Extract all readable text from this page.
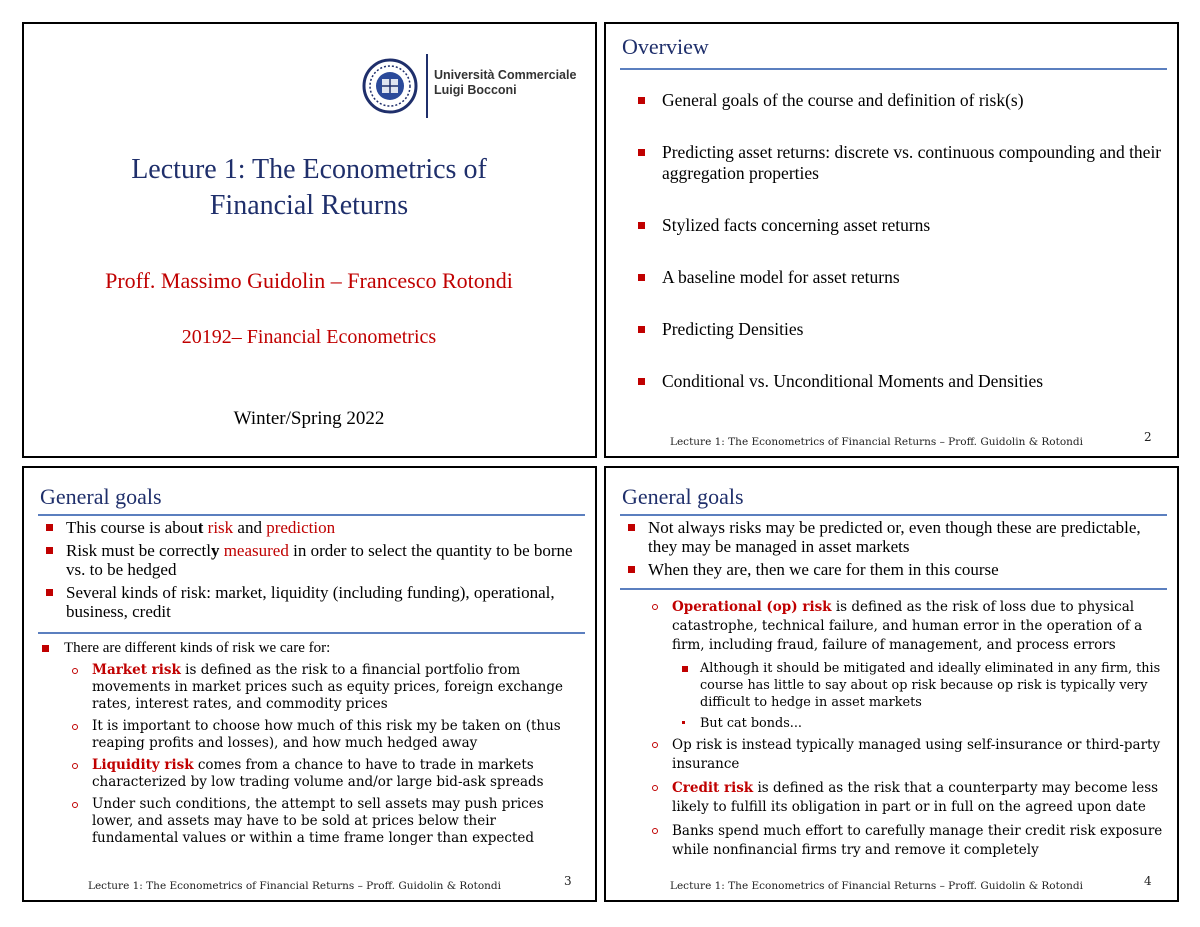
Università Commerciale
Luigi Bocconi
Lecture 1: The Econometrics of
Financial Returns
Proff. Massimo Guidolin – Francesco Rotondi
20192– Financial Econometrics
Winter/Spring 2022
Overview
General goals of the course and definition of risk(s)
Predicting asset returns: discrete vs. continuous compounding and their aggregation properties
Stylized facts concerning asset returns
A baseline model for asset returns
Predicting Densities
Conditional vs. Unconditional Moments and Densities
Lecture 1: The Econometrics of Financial Returns – Proff. Guidolin & Rotondi	2
General goals
This course is about risk and prediction
Risk must be correctly measured in order to select the quantity to be borne vs. to be hedged
Several kinds of risk: market, liquidity (including funding), operational, business, credit
There are different kinds of risk we care for:
Market risk is defined as the risk to a financial portfolio from movements in market prices such as equity prices, foreign exchange rates, interest rates, and commodity prices
It is important to choose how much of this risk my be taken on (thus reaping profits and losses), and how much hedged away
Liquidity risk comes from a chance to have to trade in markets characterized by low trading volume and/or large bid-ask spreads
Under such conditions, the attempt to sell assets may push prices lower, and assets may have to be sold at prices below their fundamental values or within a time frame longer than expected
Lecture 1: The Econometrics of Financial Returns – Proff. Guidolin & Rotondi	3
General goals
Not always risks may be predicted or, even though these are predictable, they may be managed in asset markets
When they are, then we care for them in this course
Operational (op) risk is defined as the risk of loss due to physical catastrophe, technical failure, and human error in the operation of a firm, including fraud, failure of management, and process errors
Although it should be mitigated and ideally eliminated in any firm, this course has little to say about op risk because op risk is typically very difficult to hedge in asset markets
But cat bonds...
Op risk is instead typically managed using self-insurance or third-party insurance
Credit risk is defined as the risk that a counterparty may become less likely to fulfill its obligation in part or in full on the agreed upon date
Banks spend much effort to carefully manage their credit risk exposure while nonfinancial firms try and remove it completely
Lecture 1: The Econometrics of Financial Returns – Proff. Guidolin & Rotondi	4
